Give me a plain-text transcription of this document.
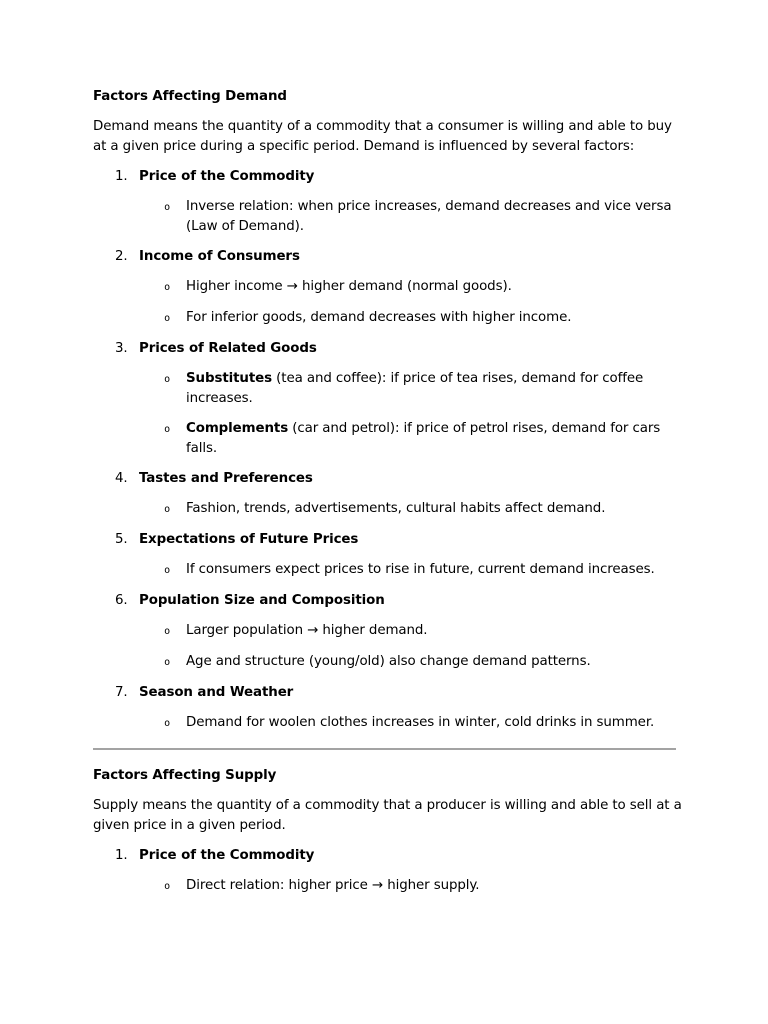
Factors Affecting Demand
Demand means the quantity of a commodity that a consumer is willing and able to buy at a given price during a specific period. Demand is influenced by several factors:
1. Price of the Commodity
o	Inverse relation: when price increases, demand decreases and vice versa (Law of Demand).
2. Income of Consumers
o	Higher income → higher demand (normal goods).
o	For inferior goods, demand decreases with higher income.
3. Prices of Related Goods
o	Substitutes (tea and coffee): if price of tea rises, demand for coffee increases.
o	Complements (car and petrol): if price of petrol rises, demand for cars falls.
4. Tastes and Preferences
o	Fashion, trends, advertisements, cultural habits affect demand.
5. Expectations of Future Prices
o	If consumers expect prices to rise in future, current demand increases.
6. Population Size and Composition
o	Larger population → higher demand.
o	Age and structure (young/old) also change demand patterns.
7. Season and Weather
o	Demand for woolen clothes increases in winter, cold drinks in summer.
Factors Affecting Supply
Supply means the quantity of a commodity that a producer is willing and able to sell at a given price in a given period.
1. Price of the Commodity
o	Direct relation: higher price → higher supply.
